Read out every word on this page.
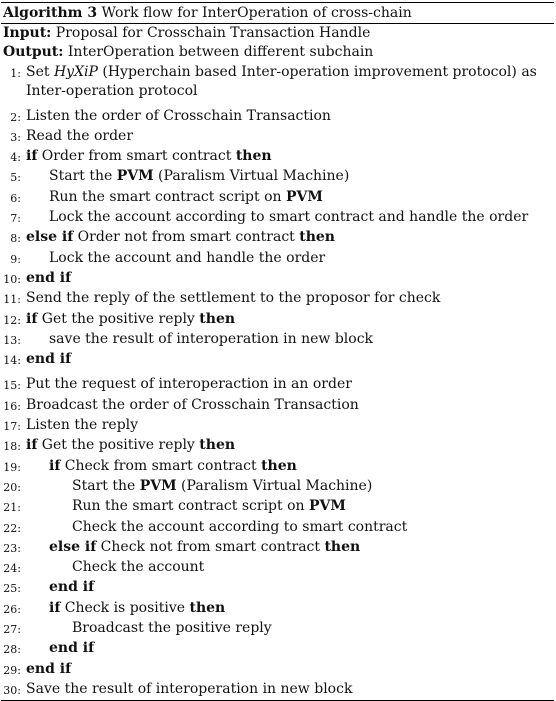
Algorithm 3 Work flow for InterOperation of cross-chain
Input: Proposal for Crosschain Transaction Handle
Output: InterOperation between different subchain
1: Set HyXiP (Hyperchain based Inter-operation improvement protocol) as Inter-operation protocol
2: Listen the order of Crosschain Transaction
3: Read the order
4: if Order from smart contract then
5:	Start the PVM (Paralism Virtual Machine)
6:	Run the smart contract script on PVM
7:	Lock the account according to smart contract and handle the order
8: else if Order not from smart contract then
9:	Lock the account and handle the order
10: end if
11: Send the reply of the settlement to the proposor for check
12: if Get the positive reply then
13:	save the result of interoperation in new block
14: end if
15: Put the request of interoperaction in an order
16: Broadcast the order of Crosschain Transaction
17: Listen the reply
18: if Get the positive reply then
19:	if Check from smart contract then
20:	Start the PVM (Paralism Virtual Machine)
21:	Run the smart contract script on PVM
22:	Check the account according to smart contract
23:	else if Check not from smart contract then
24:	Check the account
25:	end if
26:	if Check is positive then
27:	Broadcast the positive reply
28:	end if
29: end if
30: Save the result of interoperation in new block
